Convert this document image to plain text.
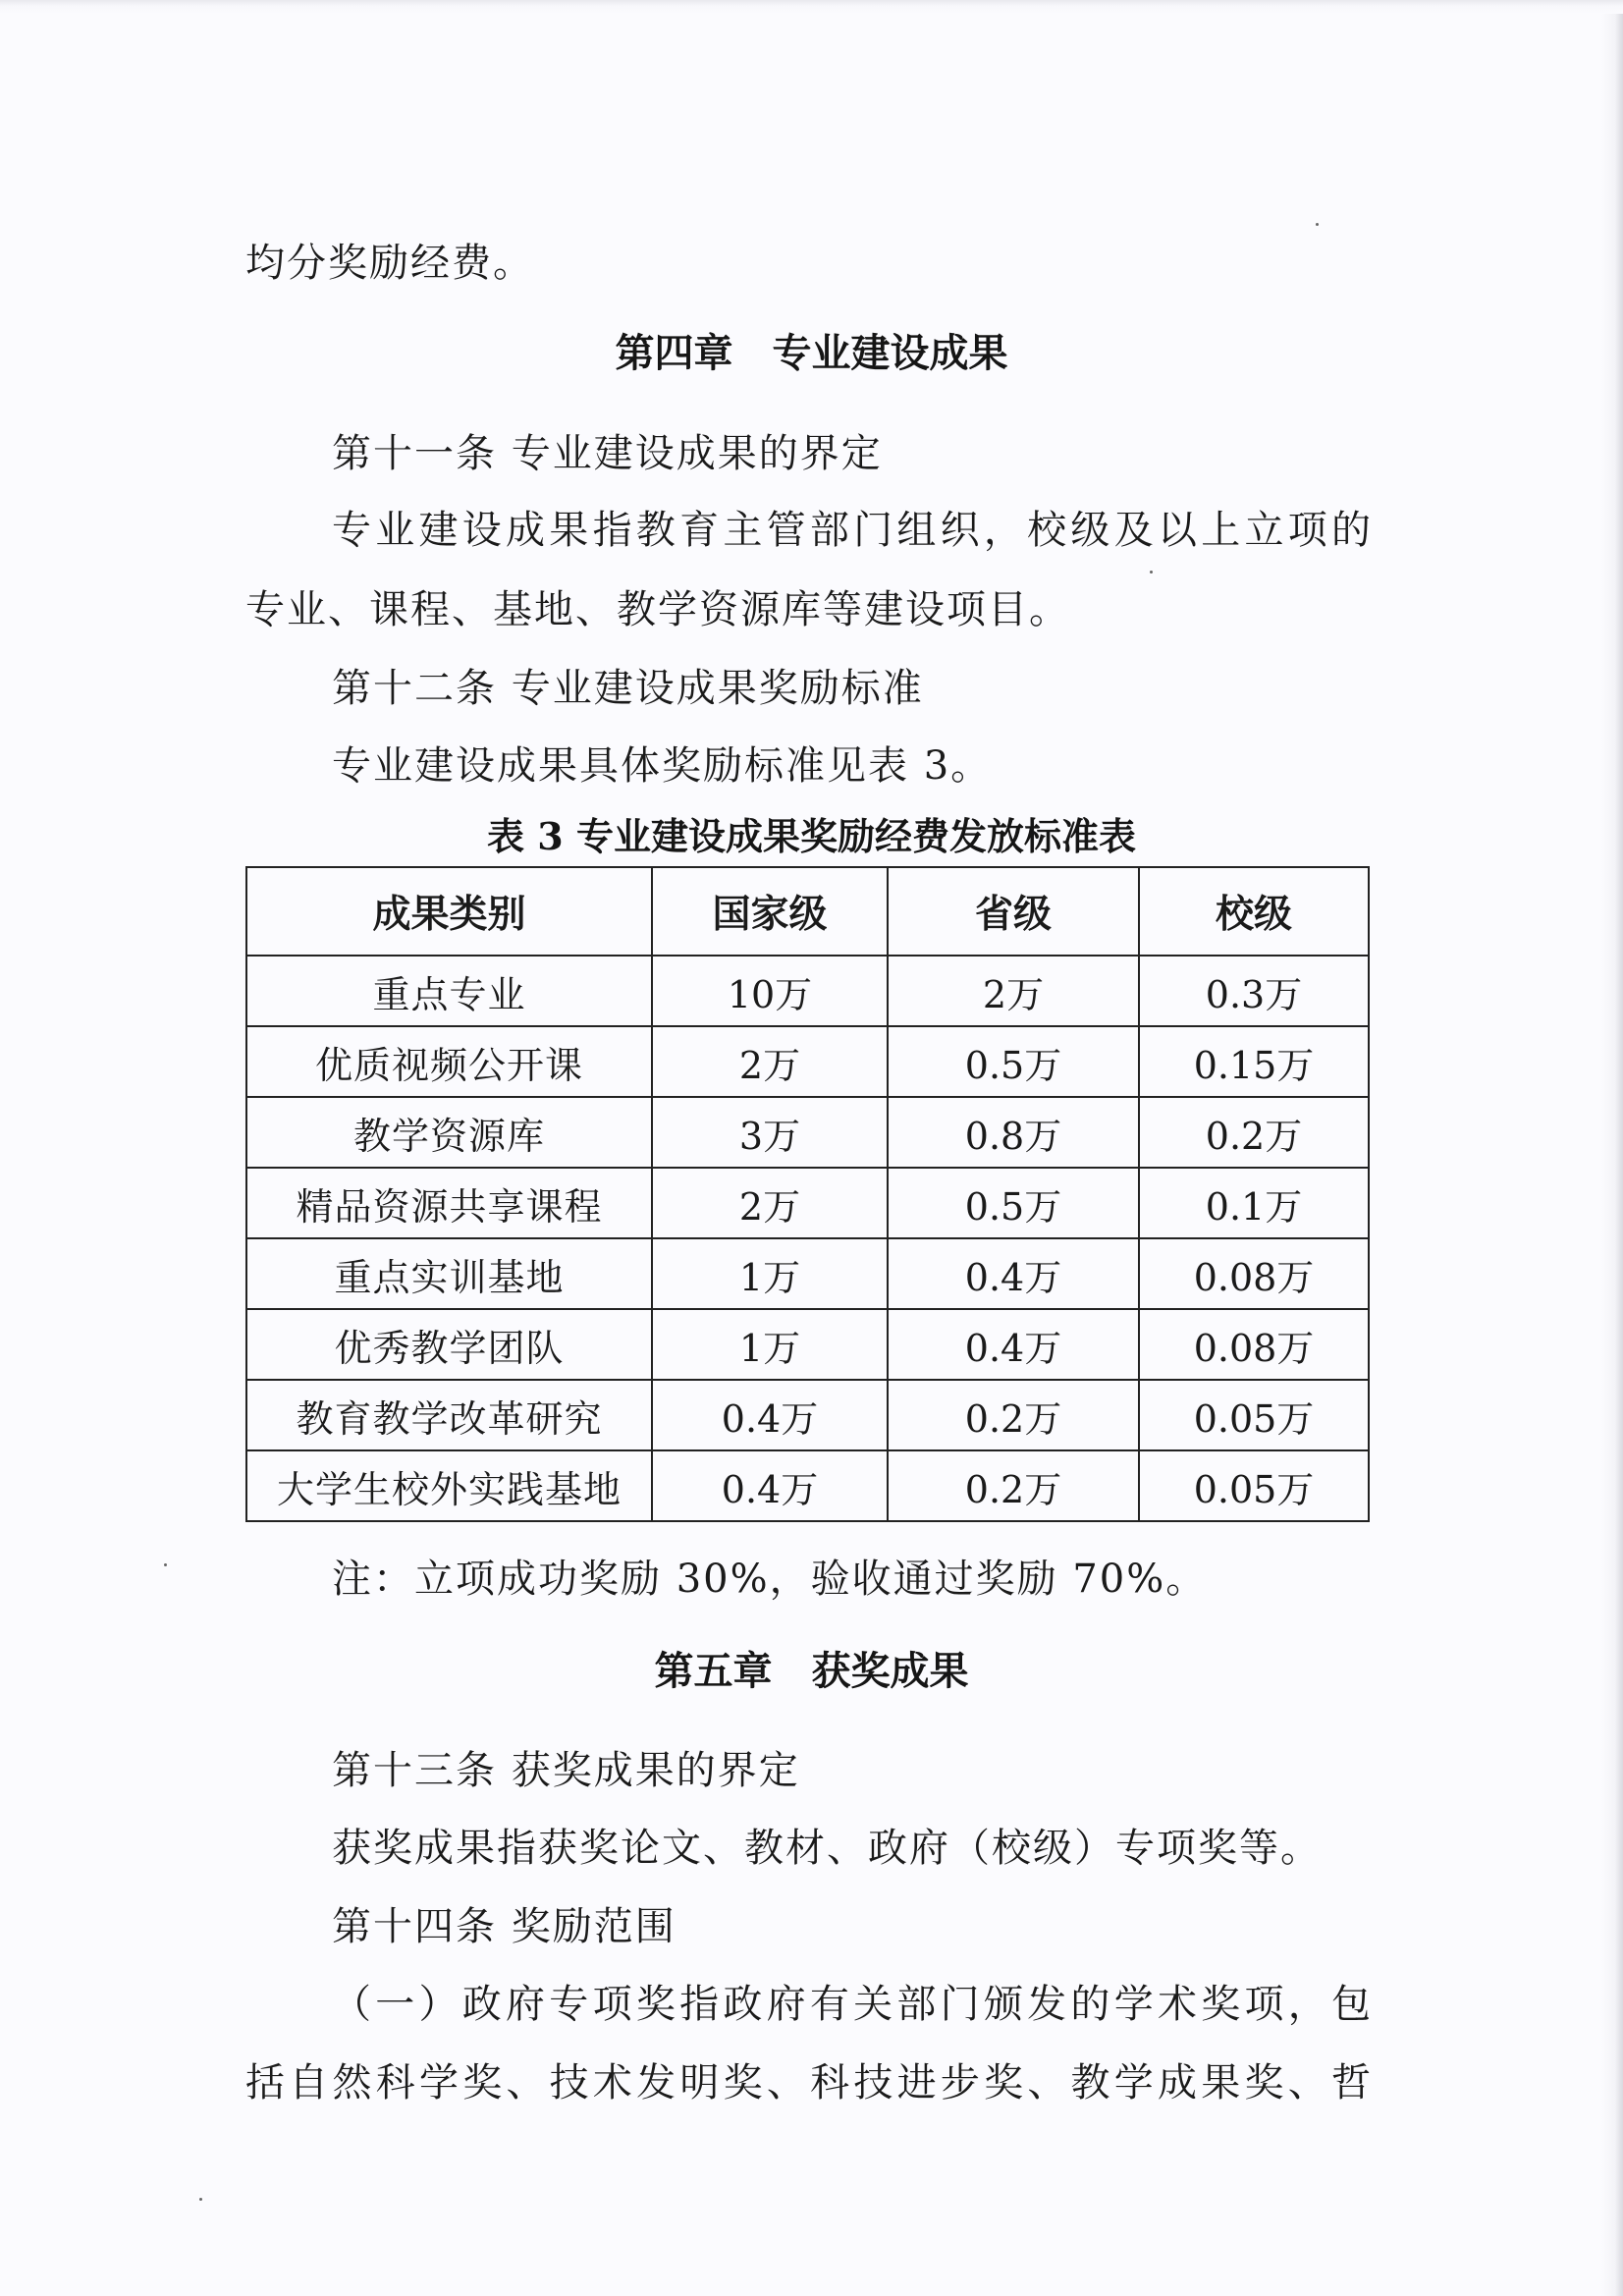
均分奖励经费。
第四章　专业建设成果
第十一条 专业建设成果的界定
专业建设成果指教育主管部门组织，校级及以上立项的
专业、课程、基地、教学资源库等建设项目。
第十二条 专业建设成果奖励标准
专业建设成果具体奖励标准见表 3。
表 3 专业建设成果奖励经费发放标准表
成果类别	国家级	省级	校级
重点专业	10万	2万	0.3万
优质视频公开课	2万	0.5万	0.15万
教学资源库	3万	0.8万	0.2万
精品资源共享课程	2万	0.5万	0.1万
重点实训基地	1万	0.4万	0.08万
优秀教学团队	1万	0.4万	0.08万
教育教学改革研究	0.4万	0.2万	0.05万
大学生校外实践基地	0.4万	0.2万	0.05万
注：立项成功奖励 30%，验收通过奖励 70%。
第五章　获奖成果
第十三条 获奖成果的界定
获奖成果指获奖论文、教材、政府（校级）专项奖等。
第十四条 奖励范围
（一）政府专项奖指政府有关部门颁发的学术奖项，包
括自然科学奖、技术发明奖、科技进步奖、教学成果奖、哲
